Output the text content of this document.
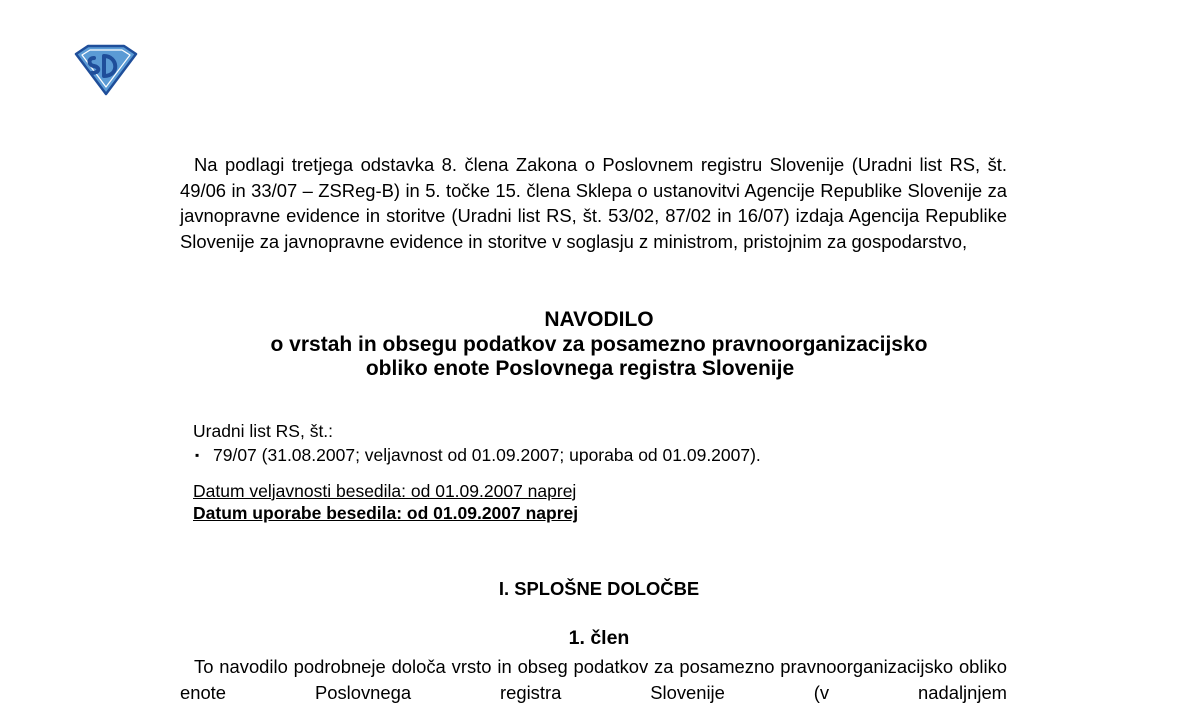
Na podlagi tretjega odstavka 8. člena Zakona o Poslovnem registru Slovenije (Uradni list RS, št. 49/06 in 33/07 – ZSReg-B) in 5. točke 15. člena Sklepa o ustanovitvi Agencije Republike Slovenije za javnopravne evidence in storitve (Uradni list RS, št. 53/02, 87/02 in 16/07) izdaja Agencija Republike Slovenije za javnopravne evidence in storitve v soglasju z ministrom, pristojnim za gospodarstvo,

NAVODILO
o vrstah in obsegu podatkov za posamezno pravnoorganizacijsko
obliko enote Poslovnega registra Slovenije
Uradni list RS, št.:
▪ 79/07 (31.08.2007; veljavnost od 01.09.2007; uporaba od 01.09.2007).
Datum veljavnosti besedila: od 01.09.2007 naprej
Datum uporabe besedila: od 01.09.2007 naprej
I. SPLOŠNE DOLOČBE
1. člen

To navodilo podrobneje določa vrsto in obseg podatkov za posamezno pravnoorganizacijsko obliko enote Poslovnega registra Slovenije (v nadaljnjem
